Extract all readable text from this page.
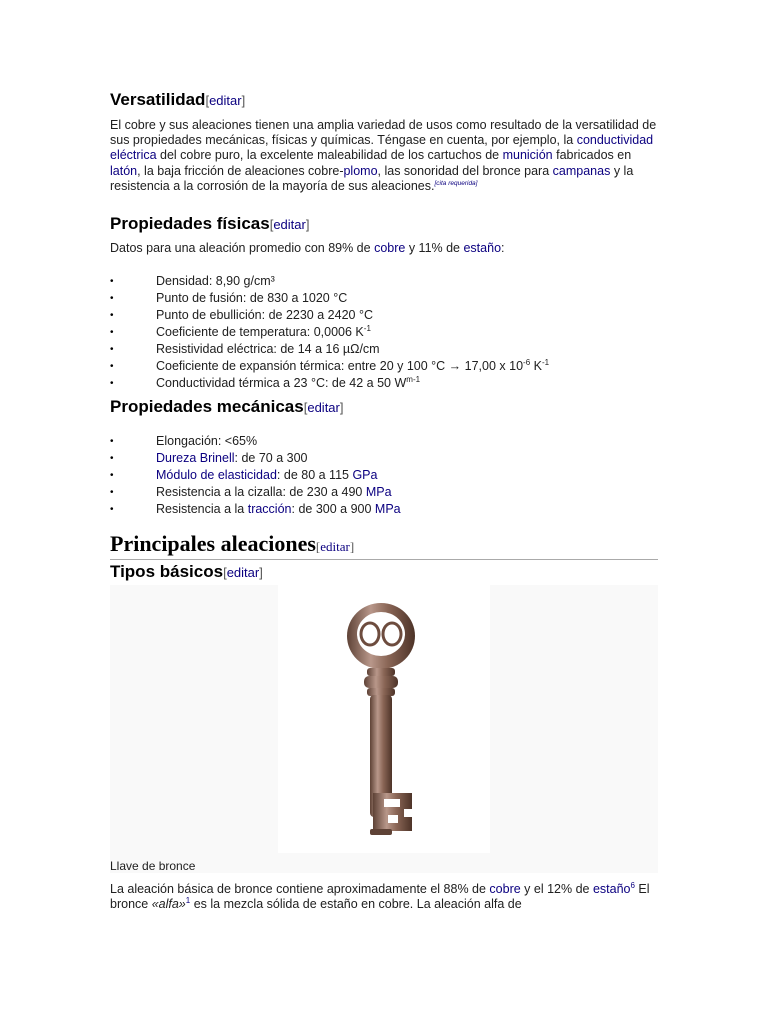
Versatilidad[editar]

El cobre y sus aleaciones tienen una amplia variedad de usos como resultado de la versatilidad de sus propiedades mecánicas, físicas y químicas. Téngase en cuenta, por ejemplo, la conductividad eléctrica del cobre puro, la excelente maleabilidad de los cartuchos de munición fabricados en latón, la baja fricción de aleaciones cobre-plomo, las sonoridad del bronce para campanas y la resistencia a la corrosión de la mayoría de sus aleaciones.[cita requerida]

Propiedades físicas[editar]

Datos para una aleación promedio con 89% de cobre y 11% de estaño:

• Densidad: 8,90 g/cm³
• Punto de fusión: de 830 a 1020 °C
• Punto de ebullición: de 2230 a 2420 °C
• Coeficiente de temperatura: 0,0006 $K^{-1}$
• Resistividad eléctrica: de 14 a 16 µΩ/cm
• Coeficiente de expansión térmica: entre 20 y 100 °C → 17,00 x $10^{-6}$ $K^{-1}$
• Conductividad térmica a 23 °C: de 42 a 50 $W^{m-1}$
Propiedades mecánicas[editar]
• Elongación: <65%
• Dureza Brinell: de 70 a 300
• Módulo de elasticidad: de 80 a 115 GPa
• Resistencia a la cizalla: de 230 a 490 MPa
• Resistencia a la tracción: de 300 a 900 MPa
Principales aleaciones[editar]
Tipos básicos[editar]
Llave de bronce

La aleación básica de bronce contiene aproximadamente el 88% de cobre y el 12% de estaño$^6$ El bronce «alfa»$^1$ es la mezcla sólida de estaño en cobre. La aleación alfa de
